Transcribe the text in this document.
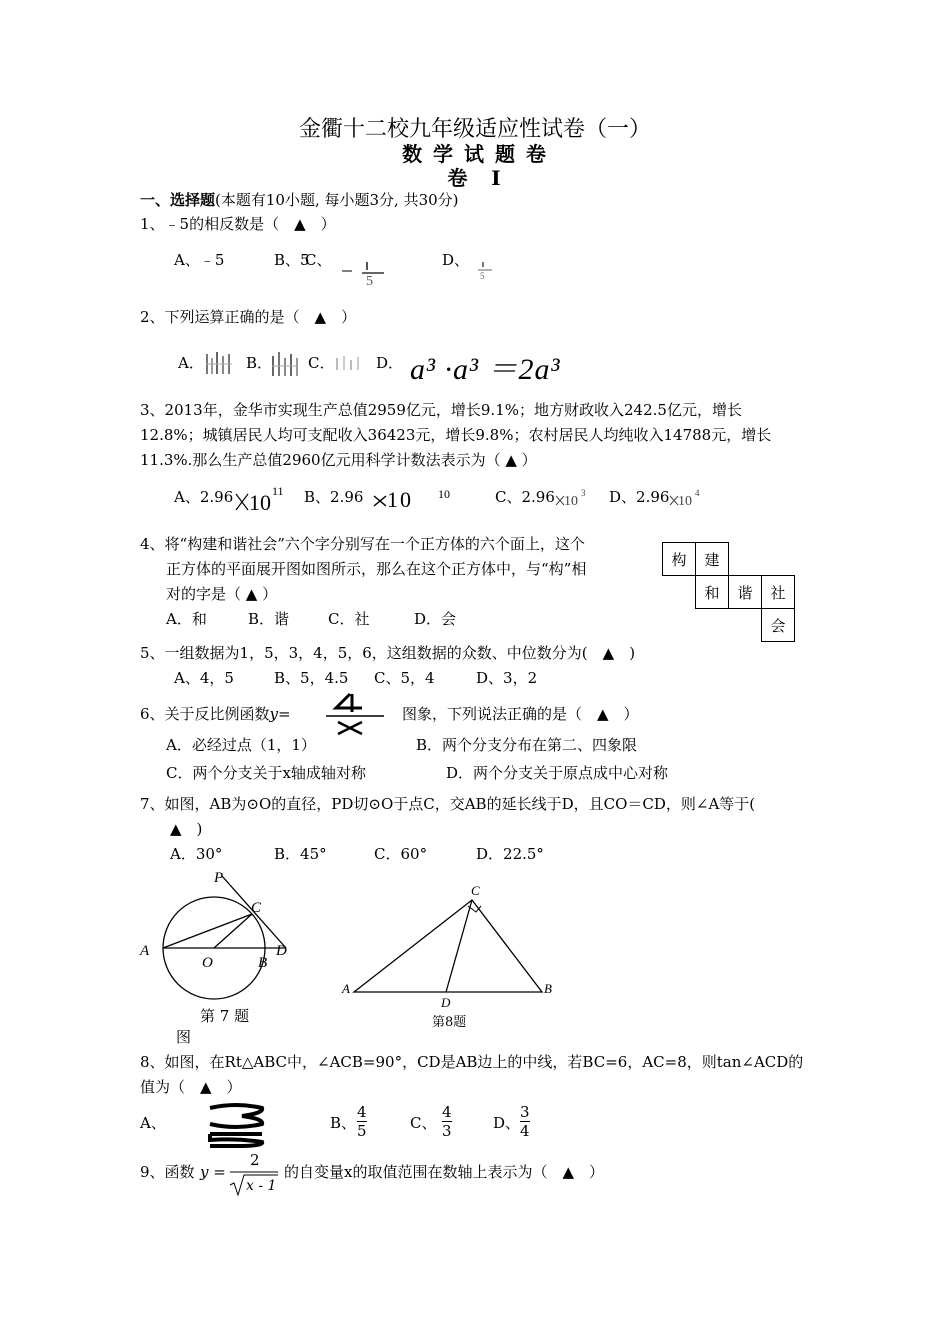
金衢十二校九年级适应性试卷（一）
数 学 试 题 卷
卷　Ⅰ
一、选择题(本题有10小题, 每小题3分, 共30分)
1、﹣5的相反数是（　▲　）
A、﹣5	B、5
C、
5
D、
5
2、下列运算正确的是（　▲　）
A．	B． C．	D． a³ ·a³ ＝2a³
3、2013年，金华市实现生产总值2959亿元，增长9.1%；地方财政收入242.5亿元，增长
12.8%；城镇居民人均可支配收入36423元，增长9.8%；农村居民人均纯收入14788元，增长
11.3%.那么生产总值2960亿元用科学计数法表示为（ ▲ ）
A、2.96 10 11 B、2.96 10 10	C、2.96 10
3 D、2.96 10
4
4、将“构建和谐社会”六个字分别写在一个正方体的六个面上，这个
正方体的平面展开图如图所示，那么在这个正方体中，与“构”相
对的字是（ ▲ ）
A．和	B．谐	C．社	D．会
构	建		
	和	谐	社
			会
5、一组数据为1，5，3，4，5，6，这组数据的众数、中位数分为(　▲　)
A、4，5	B、5，4.5 C、5，4	D、3，2
6、关于反比例函数y=	图象，下列说法正确的是（　▲　）
A．必经过点（1，1）	B．两个分支分布在第二、四象限
C．两个分支关于x轴成轴对称	D．两个分支关于原点成中心对称
7、如图，AB为⊙O的直径，PD切⊙O于点C，交AB的延长线于D，且CO＝CD，则∠A等于(
▲　)
A．30°	B．45°	C．60°	D．22.5°
P
C
A
O	B
D
第 7 题
图
C
A
D
B
第8题
8、如图，在Rt△ABC中，∠ACB=90°，CD是AB边上的中线，若BC=6，AC=8，则tan∠ACD的
值为（　▲　）
A、	B、 $\frac{4}{5}$	C、 $\frac{4}{3}$	D、 $\frac{3}{4}$
9、函数 y =
2
x - 1
的自变量x的取值范围在数轴上表示为（　▲　）
